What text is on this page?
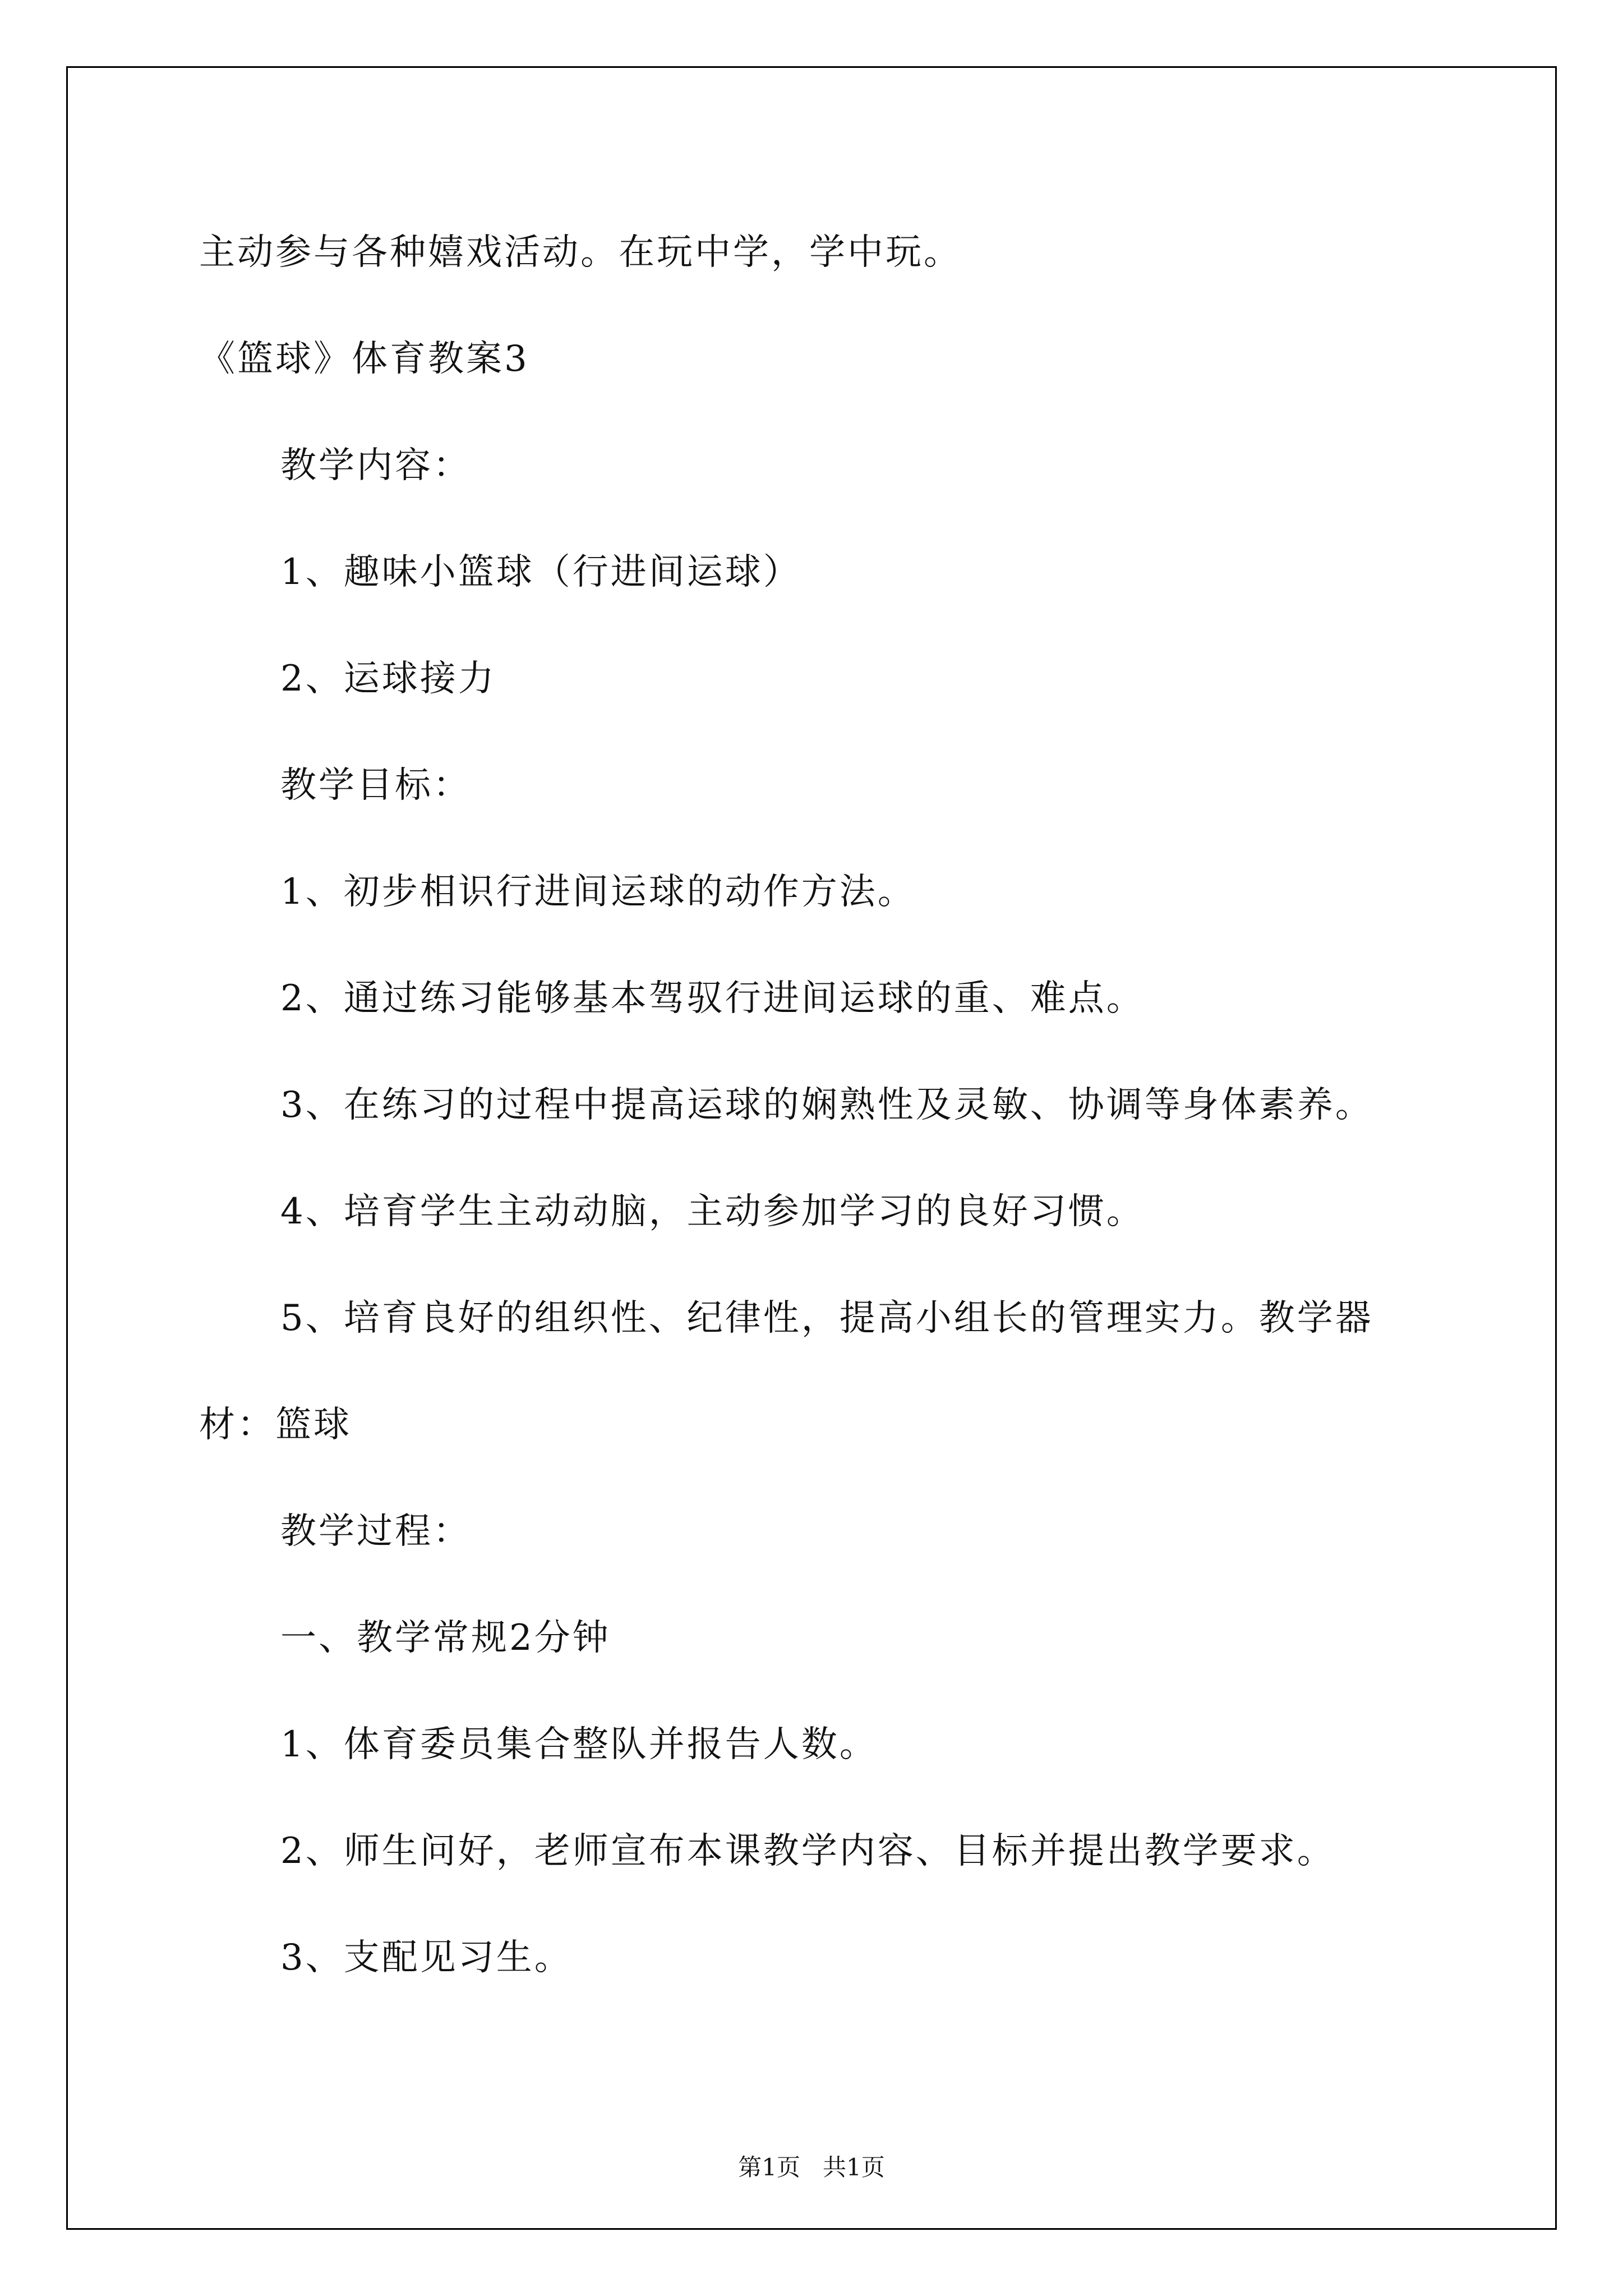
主动参与各种嬉戏活动。在玩中学，学中玩。
《篮球》体育教案3
教学内容：
1、趣味小篮球（行进间运球）
2、运球接力
教学目标：
1、初步相识行进间运球的动作方法。
2、通过练习能够基本驾驭行进间运球的重、难点。
3、在练习的过程中提高运球的娴熟性及灵敏、协调等身体素养。
4、培育学生主动动脑，主动参加学习的良好习惯。
5、培育良好的组织性、纪律性，提高小组长的管理实力。教学器
材：篮球
教学过程：
一、教学常规2分钟
1、体育委员集合整队并报告人数。
2、师生问好，老师宣布本课教学内容、目标并提出教学要求。
3、支配见习生。
第1页   共1页
